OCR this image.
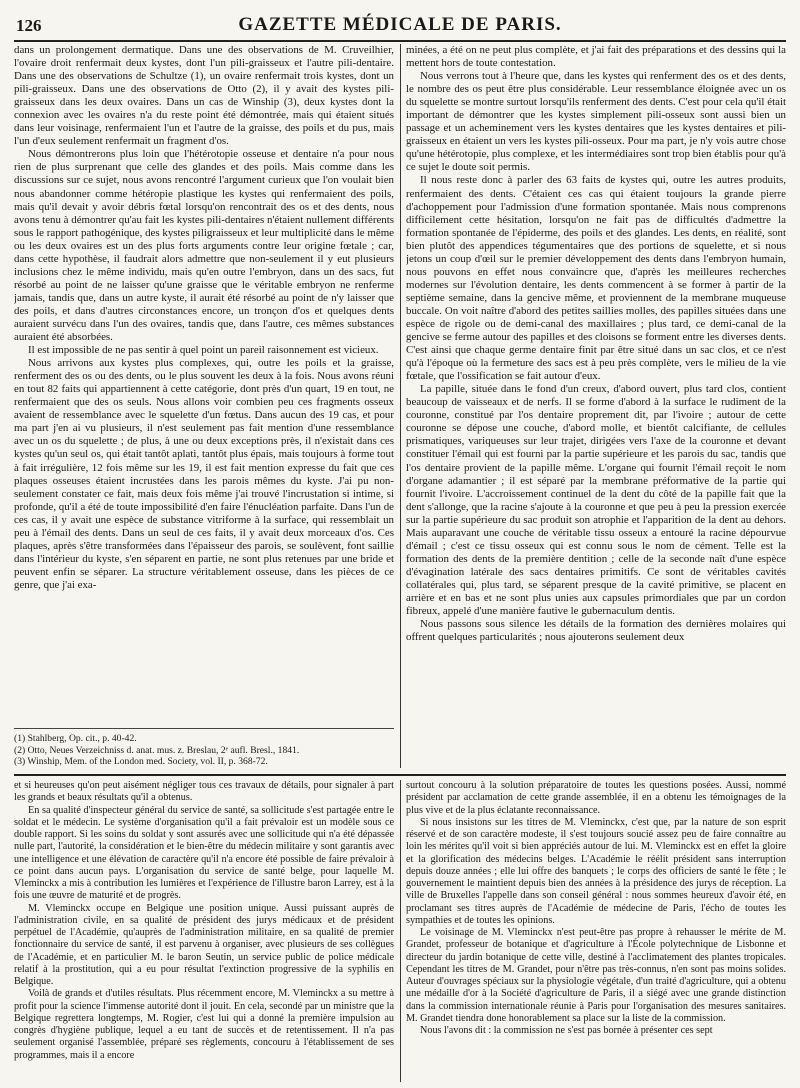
126	GAZETTE MÉDICALE DE PARIS.

dans un prolongement dermatique. Dans une des observations de M. Cruveilhier, l'ovaire droit renfermait deux kystes, dont l'un pili-graisseux et l'autre pili-dentaire. Dans une des observations de Schultze (1), un ovaire renfermait trois kystes, dont un pili-graisseux. Dans une des observations de Otto (2), il y avait des kystes pili-graisseux dans les deux ovaires. Dans un cas de Winship (3), deux kystes dont la connexion avec les ovaires n'a du reste point été démontrée, mais qui étaient situés dans leur voisinage, renfermaient l'un et l'autre de la graisse, des poils et du pus, mais l'un d'eux seulement renfermait un fragment d'os.

Nous démontrerons plus loin que l'hétérotopie osseuse et dentaire n'a pour nous rien de plus surprenant que celle des glandes et des poils. Mais comme dans les discussions sur ce sujet, nous avons rencontré l'argument curieux que l'on voulait bien nous abandonner comme hétéropie plastique les kystes qui renfermaient des poils, mais qu'il devait y avoir débris fœtal lorsqu'on rencontrait des os et des dents, nous avons tenu à démontrer qu'au fait les kystes pili-dentaires n'étaient nullement différents sous le rapport pathogénique, des kystes piligraisseux et leur multiplicité dans le même ou les deux ovaires est un des plus forts arguments contre leur origine fœtale ; car, dans cette hypothèse, il faudrait alors admettre que non-seulement il y eut plusieurs inclusions chez le même individu, mais qu'en outre l'embryon, dans un des sacs, fut résorbé au point de ne laisser qu'une graisse que le véritable embryon ne renferme jamais, tandis que, dans un autre kyste, il aurait été résorbé au point de n'y laisser que des poils, et dans d'autres circonstances encore, un tronçon d'os et quelques dents auraient survécu dans l'un des ovaires, tandis que, dans l'autre, ces mêmes substances auraient été absorbées.

Il est impossible de ne pas sentir à quel point un pareil raisonnement est vicieux.

Nous arrivons aux kystes plus complexes, qui, outre les poils et la graisse, renferment des os ou des dents, ou le plus souvent les deux à la fois. Nous avons réuni en tout 82 faits qui appartiennent à cette catégorie, dont près d'un quart, 19 en tout, ne renfermaient que des os seuls. Nous allons voir combien peu ces fragments osseux avaient de ressemblance avec le squelette d'un fœtus. Dans aucun des 19 cas, et pour ma part j'en ai vu plusieurs, il n'est seulement pas fait mention d'une ressemblance avec un os du squelette ; de plus, à une ou deux exceptions près, il n'existait dans ces kystes qu'un seul os, qui était tantôt aplati, tantôt plus épais, mais toujours à forme tout à fait irrégulière, 12 fois même sur les 19, il est fait mention expresse du fait que ces plaques osseuses étaient incrustées dans les parois mêmes du kyste. J'ai pu non-seulement constater ce fait, mais deux fois même j'ai trouvé l'incrustation si intime, si profonde, qu'il a été de toute impossibilité d'en faire l'énucléation parfaite. Dans l'un de ces cas, il y avait une espèce de substance vitriforme à la surface, qui ressemblait un peu à l'émail des dents. Dans un seul de ces faits, il y avait deux morceaux d'os. Ces plaques, après s'être transformées dans l'épaisseur des parois, se soulèvent, font saillie dans l'intérieur du kyste, s'en séparent en partie, ne sont plus retenues par une bride et peuvent enfin se séparer. La structure véritablement osseuse, dans les pièces de ce genre, que j'ai exa-

(1) Stahlberg, Op. cit., p. 40-42.
(2) Otto, Neues Verzeichniss d. anat. mus. z. Breslau, 2ᵉ aufl. Bresl., 1841.
(3) Winship, Mem. of the London med. Society, vol. II, p. 368-72.

minées, a été on ne peut plus complète, et j'ai fait des préparations et des dessins qui la mettent hors de toute contestation.

Nous verrons tout à l'heure que, dans les kystes qui renferment des os et des dents, le nombre des os peut être plus considérable. Leur ressemblance éloignée avec un os du squelette se montre surtout lorsqu'ils renferment des dents. C'est pour cela qu'il était important de démontrer que les kystes simplement pili-osseux sont aussi bien un passage et un acheminement vers les kystes dentaires que les kystes dentaires et pili-graisseux en étaient un vers les kystes pili-osseux. Pour ma part, je n'y vois autre chose qu'une hétérotopie, plus complexe, et les intermédiaires sont trop bien établis pour qu'à ce sujet le doute soit permis.

Il nous reste donc à parler des 63 faits de kystes qui, outre les autres produits, renfermaient des dents. C'étaient ces cas qui étaient toujours la grande pierre d'achoppement pour l'admission d'une formation spontanée. Mais nous comprenons difficilement cette hésitation, lorsqu'on ne fait pas de difficultés d'admettre la formation spontanée de l'épiderme, des poils et des glandes. Les dents, en réalité, sont bien plutôt des appendices tégumentaires que des portions de squelette, et si nous jetons un coup d'œil sur le premier développement des dents dans l'embryon humain, nous pouvons en effet nous convaincre que, d'après les meilleures recherches modernes sur l'évolution dentaire, les dents commencent à se former à partir de la septième semaine, dans la gencive même, et proviennent de la membrane muqueuse buccale. On voit naître d'abord des petites saillies molles, des papilles situées dans une espèce de rigole ou de demi-canal des maxillaires ; plus tard, ce demi-canal de la gencive se ferme autour des papilles et des cloisons se forment entre les diverses dents. C'est ainsi que chaque germe dentaire finit par être situé dans un sac clos, et ce n'est qu'à l'époque où la fermeture des sacs est à peu près complète, vers le milieu de la vie fœtale, que l'ossification se fait autour d'eux.

La papille, située dans le fond d'un creux, d'abord ouvert, plus tard clos, contient beaucoup de vaisseaux et de nerfs. Il se forme d'abord à la surface le rudiment de la couronne, constitué par l'os dentaire proprement dit, par l'ivoire ; autour de cette couronne se dépose une couche, d'abord molle, et bientôt calcifiante, de cellules prismatiques, variqueuses sur leur trajet, dirigées vers l'axe de la couronne et devant constituer l'émail qui est fourni par la partie supérieure et les parois du sac, tandis que l'os dentaire provient de la papille même. L'organe qui fournit l'émail reçoit le nom d'organe adamantier ; il est séparé par la membrane préformative de la partie qui fournit l'ivoire. L'accroissement continuel de la dent du côté de la papille fait que la dent s'allonge, que la racine s'ajoute à la couronne et que peu à peu la pression exercée sur la partie supérieure du sac produit son atrophie et l'apparition de la dent au dehors. Mais auparavant une couche de véritable tissu osseux a entouré la racine dépourvue d'émail ; c'est ce tissu osseux qui est connu sous le nom de cément. Telle est la formation des dents de la première dentition ; celle de la seconde naît d'une espèce d'évagination latérale des sacs dentaires primitifs. Ce sont de véritables cavités collatérales qui, plus tard, se séparent presque de la cavité primitive, se placent en arrière et en bas et ne sont plus unies aux capsules primordiales que par un cordon fibreux, appelé d'une manière fautive le gubernaculum dentis.

Nous passons sous silence les détails de la formation des dernières molaires qui offrent quelques particularités ; nous ajouterons seulement deux

et si heureuses qu'on peut aisément négliger tous ces travaux de détails, pour signaler à part les grands et beaux résultats qu'il a obtenus.

En sa qualité d'inspecteur général du service de santé, sa sollicitude s'est partagée entre le soldat et le médecin. Le système d'organisation qu'il a fait prévaloir est un modèle sous ce double rapport. Si les soins du soldat y sont assurés avec une sollicitude qui n'a été dépassée nulle part, l'autorité, la considération et le bien-être du médecin militaire y sont garantis avec une intelligence et une élévation de caractère qu'il n'a encore été possible de faire prévaloir à ce point dans aucun pays. L'organisation du service de santé belge, pour laquelle M. Vleminckx a mis à contribution les lumières et l'expérience de l'illustre baron Larrey, est à la fois une œuvre de maturité et de progrès.

M. Vleminckx occupe en Belgique une position unique. Aussi puissant auprès de l'administration civile, en sa qualité de président des jurys médicaux et de président perpétuel de l'Académie, qu'auprès de l'administration militaire, en sa qualité de premier fonctionnaire du service de santé, il est parvenu à organiser, avec plusieurs de ses collègues de l'Académie, et en particulier M. le baron Seutin, un service public de police médicale relatif à la prostitution, qui a eu pour résultat l'extinction progressive de la syphilis en Belgique.

Voilà de grands et d'utiles résultats. Plus récemment encore, M. Vleminckx a su mettre à profit pour la science l'immense autorité dont il jouit. En cela, secondé par un ministre que la Belgique regrettera longtemps, M. Rogier, c'est lui qui a donné la première impulsion au congrès d'hygiène publique, lequel a eu tant de succès et de retentissement. Il n'a pas seulement organisé l'assemblée, préparé ses règlements, concouru à l'établissement de ses programmes, mais il a encore

surtout concouru à la solution préparatoire de toutes les questions posées. Aussi, nommé président par acclamation de cette grande assemblée, il en a obtenu les témoignages de la plus vive et de la plus éclatante reconnaissance.

Si nous insistons sur les titres de M. Vleminckx, c'est que, par la nature de son esprit réservé et de son caractère modeste, il s'est toujours soucié assez peu de faire connaître au loin les mérites qu'il voit si bien appréciés autour de lui. M. Vleminckx est en effet la gloire et la glorification des médecins belges. L'Académie le réélit président sans interruption depuis douze années ; elle lui offre des banquets ; le corps des officiers de santé le fête ; le gouvernement le maintient depuis bien des années à la présidence des jurys de réception. La ville de Bruxelles l'appelle dans son conseil général : nous sommes heureux d'avoir été, en proclamant ses titres auprès de l'Académie de médecine de Paris, l'écho de toutes les sympathies et de toutes les opinions.

Le voisinage de M. Vleminckx n'est peut-être pas propre à rehausser le mérite de M. Grandet, professeur de botanique et d'agriculture à l'École polytechnique de Lisbonne et directeur du jardin botanique de cette ville, destiné à l'acclimatement des plantes tropicales. Cependant les titres de M. Grandet, pour n'être pas très-connus, n'en sont pas moins solides. Auteur d'ouvrages spéciaux sur la physiologie végétale, d'un traité d'agriculture, qui a obtenu une médaille d'or à la Société d'agriculture de Paris, il a siégé avec une grande distinction dans la commission internationale réunie à Paris pour l'organisation des mesures sanitaires. M. Grandet tiendra done honorablement sa place sur la liste de la commission.

Nous l'avons dit : la commission ne s'est pas bornée à présenter ces sept
